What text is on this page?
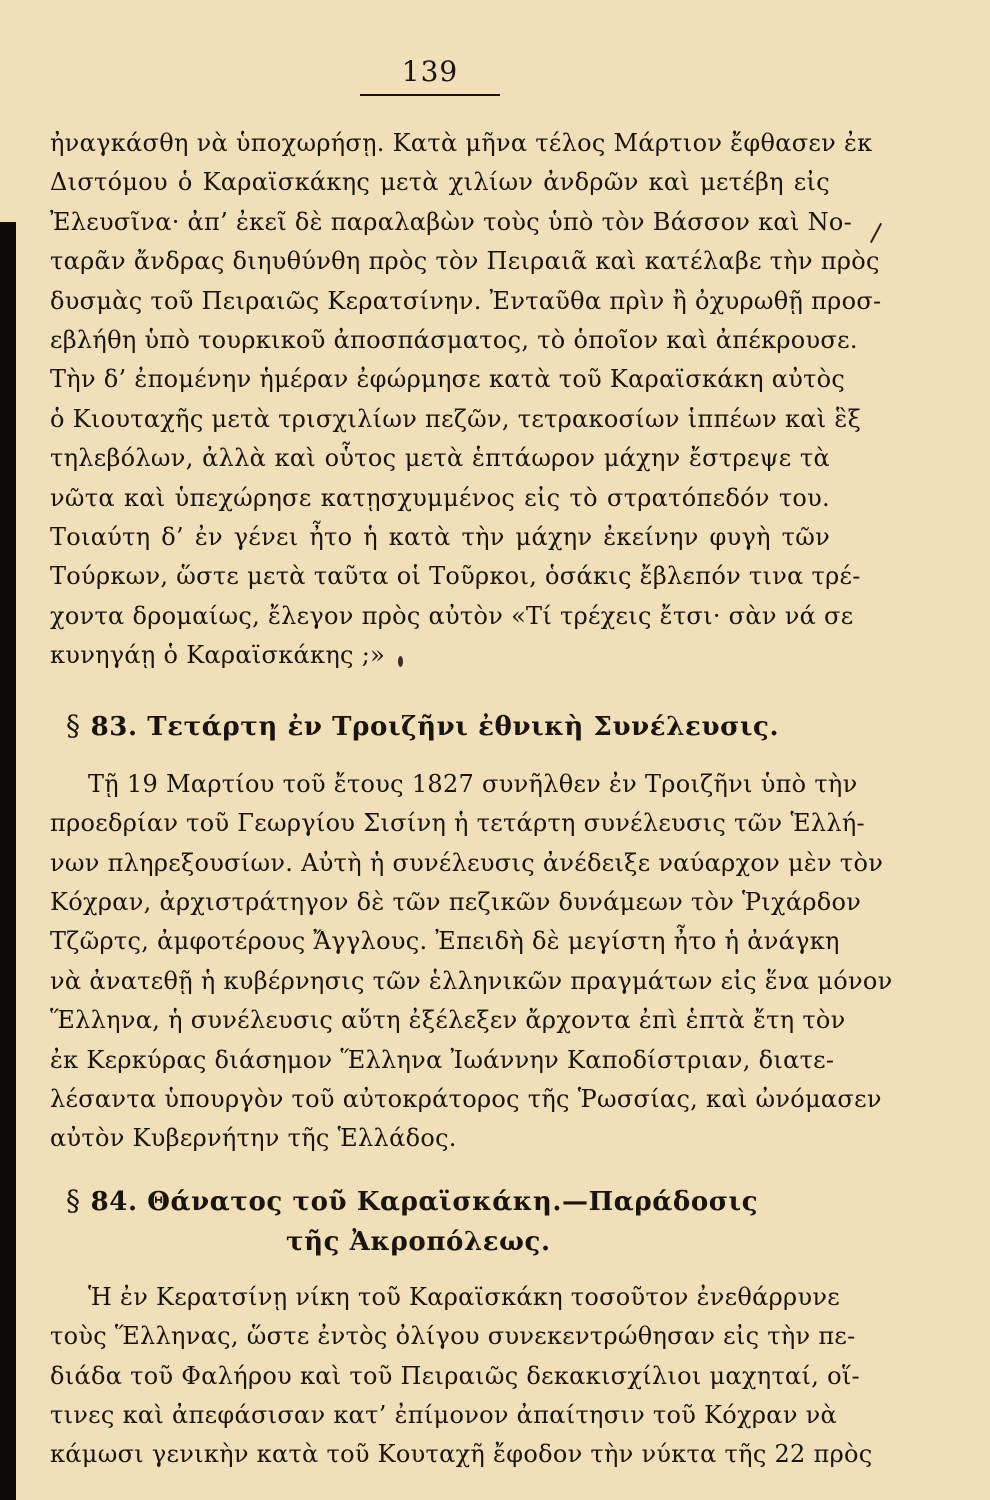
139
ἠναγκάσθη νὰ ὑποχωρήσῃ. Κατὰ μῆνα τέλος Μάρτιον ἔφθασεν ἐκ
Διστόμου ὁ Καραϊσκάκης μετὰ χιλίων ἀνδρῶν καὶ μετέβη εἰς
Ἐλευσῖνα· ἀπ’ ἐκεῖ δὲ παραλαβὼν τοὺς ὑπὸ τὸν Βάσσον καὶ Νο-
ταρᾶν ἄνδρας διηυθύνθη πρὸς τὸν Πειραιᾶ καὶ κατέλαβε τὴν πρὸς
δυσμὰς τοῦ Πειραιῶς Κερατσίνην. Ἐνταῦθα πρὶν ἢ ὀχυρωθῇ προσ-
εβλήθη ὑπὸ τουρκικοῦ ἀποσπάσματος, τὸ ὁποῖον καὶ ἀπέκρουσε.
Τὴν δ’ ἐπομένην ἡμέραν ἐφώρμησε κατὰ τοῦ Καραϊσκάκη αὐτὸς
ὁ Κιουταχῆς μετὰ τρισχιλίων πεζῶν, τετρακοσίων ἱππέων καὶ ἓξ
τηλεβόλων, ἀλλὰ καὶ οὗτος μετὰ ἑπτάωρον μάχην ἔστρεψε τὰ
νῶτα καὶ ὑπεχώρησε κατῃσχυμμένος εἰς τὸ στρατόπεδόν του.
Τοιαύτη δ’ ἐν γένει ἦτο ἡ κατὰ τὴν μάχην ἐκείνην φυγὴ τῶν
Τούρκων, ὥστε μετὰ ταῦτα οἱ Τοῦρκοι, ὁσάκις ἔβλεπόν τινα τρέ-
χοντα δρομαίως, ἔλεγον πρὸς αὐτὸν «Τί τρέχεις ἔτσι· σὰν νά σε
κυνηγάῃ ὁ Καραϊσκάκης ;»
§ 83. Τετάρτη ἐν Τροιζῆνι ἐθνικὴ Συνέλευσις.
Τῇ 19 Μαρτίου τοῦ ἔτους 1827 συνῆλθεν ἐν Τροιζῆνι ὑπὸ τὴν
προεδρίαν τοῦ Γεωργίου Σισίνη ἡ τετάρτη συνέλευσις τῶν Ἑλλή-
νων πληρεξουσίων. Αὐτὴ ἡ συνέλευσις ἀνέδειξε ναύαρχον μὲν τὸν
Κόχραν, ἀρχιστράτηγον δὲ τῶν πεζικῶν δυνάμεων τὸν Ῥιχάρδον
Τζῶρτς, ἀμφοτέρους Ἄγγλους. Ἐπειδὴ δὲ μεγίστη ἦτο ἡ ἀνάγκη
νὰ ἀνατεθῇ ἡ κυβέρνησις τῶν ἑλληνικῶν πραγμάτων εἰς ἕνα μόνον
Ἕλληνα, ἡ συνέλευσις αὕτη ἐξέλεξεν ἄρχοντα ἐπὶ ἑπτὰ ἔτη τὸν
ἐκ Κερκύρας διάσημον Ἕλληνα Ἰωάννην Καποδίστριαν, διατε-
λέσαντα ὑπουργὸν τοῦ αὐτοκράτορος τῆς Ῥωσσίας, καὶ ὠνόμασεν
αὐτὸν Κυβερνήτην τῆς Ἑλλάδος.
§ 84. Θάνατος τοῦ Καραϊσκάκη.—Παράδοσις
τῆς Ἀκροπόλεως.
Ἡ ἐν Κερατσίνῃ νίκη τοῦ Καραϊσκάκη τοσοῦτον ἐνεθάρρυνε
τοὺς Ἕλληνας, ὥστε ἐντὸς ὀλίγου συνεκεντρώθησαν εἰς τὴν πε-
διάδα τοῦ Φαλήρου καὶ τοῦ Πειραιῶς δεκακισχίλιοι μαχηταί, οἵ-
τινες καὶ ἀπεφάσισαν κατ’ ἐπίμονον ἀπαίτησιν τοῦ Κόχραν νὰ
κάμωσι γενικὴν κατὰ τοῦ Κουταχῆ ἔφοδον τὴν νύκτα τῆς 22 πρὸς
